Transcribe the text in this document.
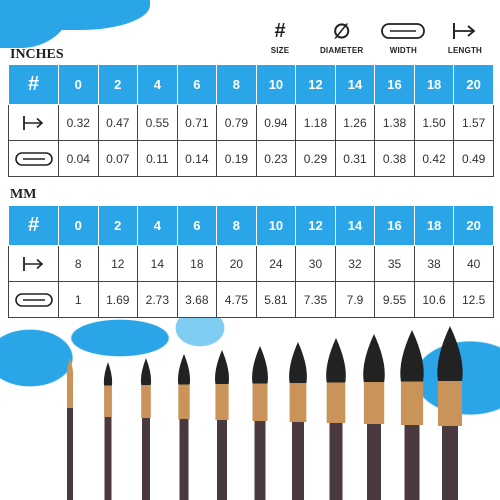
#
SIZE
∅
DIAMETER	WIDTH	LENGTH
INCHES
#	0	2	4	6	8	10	12	14	16	18	20
	0.32	0.47	0.55	0.71	0.79	0.94	1.18	1.26	1.38	1.50	1.57
	0.04	0.07	0.11	0.14	0.19	0.23	0.29	0.31	0.38	0.42	0.49
MM
#	0	2	4	6	8	10	12	14	16	18	20
	8	12	14	18	20	24	30	32	35	38	40
	1	1.69	2.73	3.68	4.75	5.81	7.35	7.9	9.55	10.6	12.5
